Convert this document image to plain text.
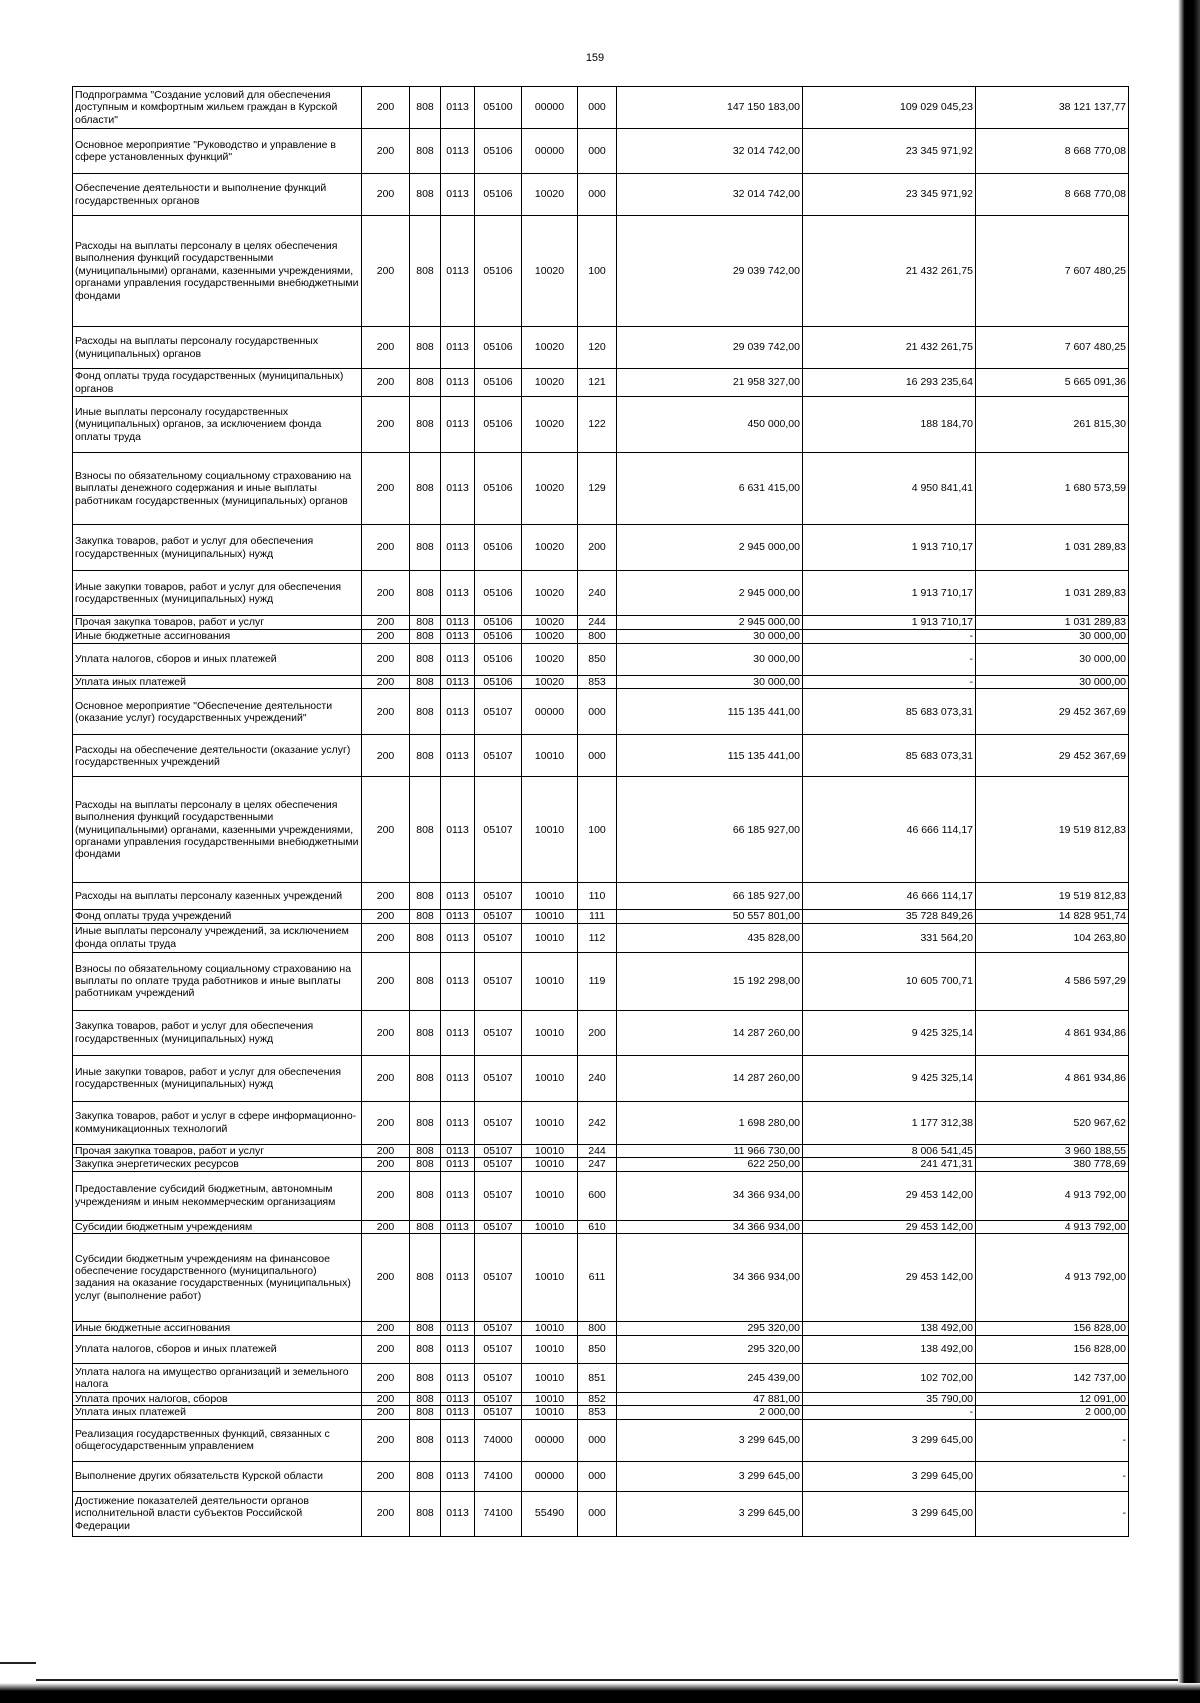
159
Подпрограмма "Создание условий для обеспечения доступным и комфортным жильем граждан в Курской области"	200	808	0113	05100	00000	000	147 150 183,00	109 029 045,23	38 121 137,77
Основное мероприятие "Руководство и управление в сфере установленных функций"	200	808	0113	05106	00000	000	32 014 742,00	23 345 971,92	8 668 770,08
Обеспечение деятельности и выполнение функций государственных органов	200	808	0113	05106	10020	000	32 014 742,00	23 345 971,92	8 668 770,08
Расходы на выплаты персоналу в целях обеспечения выполнения функций государственными (муниципальными) органами, казенными учреждениями, органами управления государственными внебюджетными фондами	200	808	0113	05106	10020	100	29 039 742,00	21 432 261,75	7 607 480,25
Расходы на выплаты персоналу государственных (муниципальных) органов	200	808	0113	05106	10020	120	29 039 742,00	21 432 261,75	7 607 480,25
Фонд оплаты труда государственных (муниципальных) органов	200	808	0113	05106	10020	121	21 958 327,00	16 293 235,64	5 665 091,36
Иные выплаты персоналу государственных (муниципальных) органов, за исключением фонда оплаты труда	200	808	0113	05106	10020	122	450 000,00	188 184,70	261 815,30
Взносы по обязательному социальному страхованию на выплаты денежного содержания и иные выплаты работникам государственных (муниципальных) органов	200	808	0113	05106	10020	129	6 631 415,00	4 950 841,41	1 680 573,59
Закупка товаров, работ и услуг для обеспечения государственных (муниципальных) нужд	200	808	0113	05106	10020	200	2 945 000,00	1 913 710,17	1 031 289,83
Иные закупки товаров, работ и услуг для обеспечения государственных (муниципальных) нужд	200	808	0113	05106	10020	240	2 945 000,00	1 913 710,17	1 031 289,83
Прочая закупка товаров, работ и услуг	200	808	0113	05106	10020	244	2 945 000,00	1 913 710,17	1 031 289,83
Иные бюджетные ассигнования	200	808	0113	05106	10020	800	30 000,00	-	30 000,00
Уплата налогов, сборов и иных платежей	200	808	0113	05106	10020	850	30 000,00	-	30 000,00
Уплата иных платежей	200	808	0113	05106	10020	853	30 000,00	-	30 000,00
Основное мероприятие "Обеспечение деятельности (оказание услуг) государственных учреждений"	200	808	0113	05107	00000	000	115 135 441,00	85 683 073,31	29 452 367,69
Расходы на обеспечение деятельности (оказание услуг) государственных учреждений	200	808	0113	05107	10010	000	115 135 441,00	85 683 073,31	29 452 367,69
Расходы на выплаты персоналу в целях обеспечения выполнения функций государственными (муниципальными) органами, казенными учреждениями, органами управления государственными внебюджетными фондами	200	808	0113	05107	10010	100	66 185 927,00	46 666 114,17	19 519 812,83
Расходы на выплаты персоналу казенных учреждений	200	808	0113	05107	10010	110	66 185 927,00	46 666 114,17	19 519 812,83
Фонд оплаты труда учреждений	200	808	0113	05107	10010	111	50 557 801,00	35 728 849,26	14 828 951,74
Иные выплаты персоналу учреждений, за исключением фонда оплаты труда	200	808	0113	05107	10010	112	435 828,00	331 564,20	104 263,80
Взносы по обязательному социальному страхованию на выплаты по оплате труда работников и иные выплаты работникам учреждений	200	808	0113	05107	10010	119	15 192 298,00	10 605 700,71	4 586 597,29
Закупка товаров, работ и услуг для обеспечения государственных (муниципальных) нужд	200	808	0113	05107	10010	200	14 287 260,00	9 425 325,14	4 861 934,86
Иные закупки товаров, работ и услуг для обеспечения государственных (муниципальных) нужд	200	808	0113	05107	10010	240	14 287 260,00	9 425 325,14	4 861 934,86
Закупка товаров, работ и услуг в сфере информационно-коммуникационных технологий	200	808	0113	05107	10010	242	1 698 280,00	1 177 312,38	520 967,62
Прочая закупка товаров, работ и услуг	200	808	0113	05107	10010	244	11 966 730,00	8 006 541,45	3 960 188,55
Закупка энергетических ресурсов	200	808	0113	05107	10010	247	622 250,00	241 471,31	380 778,69
Предоставление субсидий бюджетным, автономным учреждениям и иным некоммерческим организациям	200	808	0113	05107	10010	600	34 366 934,00	29 453 142,00	4 913 792,00
Субсидии бюджетным учреждениям	200	808	0113	05107	10010	610	34 366 934,00	29 453 142,00	4 913 792,00
Субсидии бюджетным учреждениям на финансовое обеспечение государственного (муниципального) задания на оказание государственных (муниципальных) услуг (выполнение работ)	200	808	0113	05107	10010	611	34 366 934,00	29 453 142,00	4 913 792,00
Иные бюджетные ассигнования	200	808	0113	05107	10010	800	295 320,00	138 492,00	156 828,00
Уплата налогов, сборов и иных платежей	200	808	0113	05107	10010	850	295 320,00	138 492,00	156 828,00
Уплата налога на имущество организаций и земельного налога	200	808	0113	05107	10010	851	245 439,00	102 702,00	142 737,00
Уплата прочих налогов, сборов	200	808	0113	05107	10010	852	47 881,00	35 790,00	12 091,00
Уплата иных платежей	200	808	0113	05107	10010	853	2 000,00	-	2 000,00
Реализация государственных функций, связанных с общегосударственным управлением	200	808	0113	74000	00000	000	3 299 645,00	3 299 645,00	-
Выполнение других обязательств Курской области	200	808	0113	74100	00000	000	3 299 645,00	3 299 645,00	-
Достижение показателей деятельности органов исполнительной власти субъектов Российской Федерации	200	808	0113	74100	55490	000	3 299 645,00	3 299 645,00	-
